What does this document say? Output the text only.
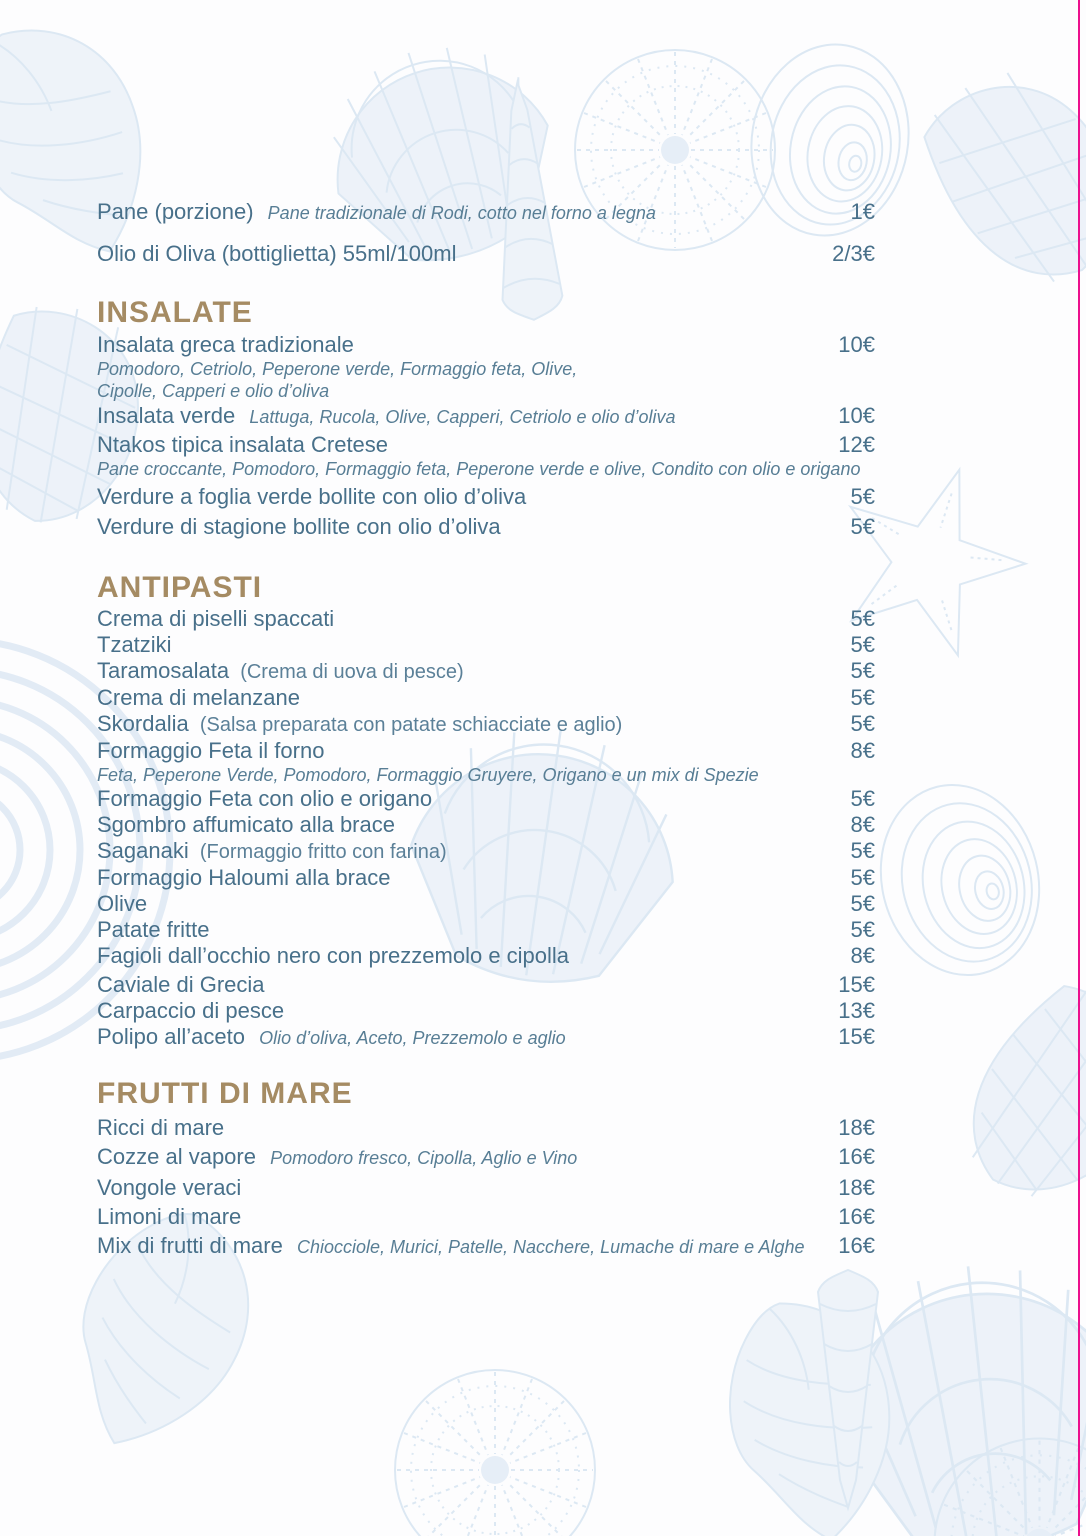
Pane (porzione) Pane tradizionale di Rodi, cotto nel forno a legna	1€
Olio di Oliva (bottiglietta) 55ml/100ml	2/3€
INSALATE
Insalata greca tradizionale	10€
Pomodoro, Cetriolo, Peperone verde, Formaggio feta, Olive,
Cipolle, Capperi e olio d’oliva
Insalata verde Lattuga, Rucola, Olive, Capperi, Cetriolo e olio d’oliva	10€
Ntakos tipica insalata Cretese	12€
Pane croccante, Pomodoro, Formaggio feta, Peperone verde e olive, Condito con olio e origano
Verdure a foglia verde bollite con olio d’oliva	5€
Verdure di stagione bollite con olio d’oliva	5€
ANTIPASTI
Crema di piselli spaccati	5€
Tzatziki	5€
Taramosalata (Crema di uova di pesce)	5€
Crema di melanzane	5€
Skordalia (Salsa preparata con patate schiacciate e aglio)	5€
Formaggio Feta il forno	8€
Feta, Peperone Verde, Pomodoro, Formaggio Gruyere, Origano e un mix di Spezie
Formaggio Feta con olio e origano	5€
Sgombro affumicato alla brace	8€
Saganaki (Formaggio fritto con farina)	5€
Formaggio Haloumi alla brace	5€
Olive	5€
Patate fritte	5€
Fagioli dall’occhio nero con prezzemolo e cipolla	8€
Caviale di Grecia	15€
Carpaccio di pesce	13€
Polipo all’aceto Olio d’oliva, Aceto, Prezzemolo e aglio	15€
FRUTTI DI MARE
Ricci di mare	18€
Cozze al vapore Pomodoro fresco, Cipolla, Aglio e Vino	16€
Vongole veraci	18€
Limoni di mare	16€
Mix di frutti di mare Chiocciole, Murici, Patelle, Nacchere, Lumache di mare e Alghe	16€
